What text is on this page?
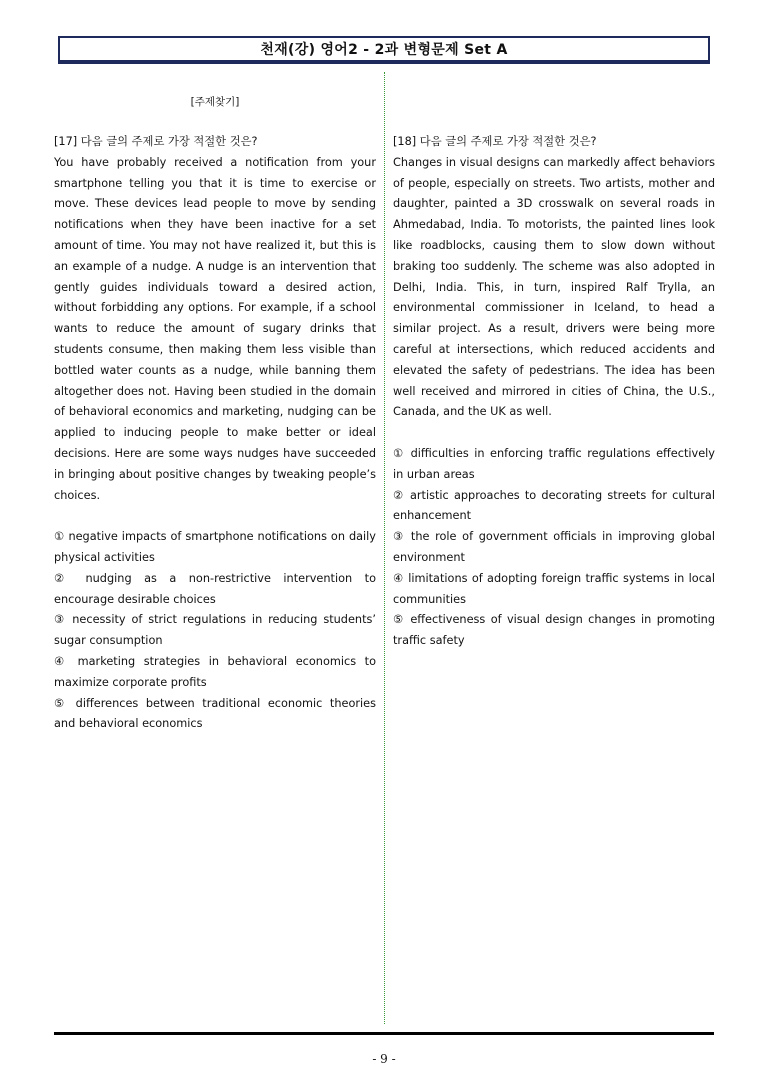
천재(강) 영어2 - 2과 변형문제 Set A
[주제찾기]
[17] 다음 글의 주제로 가장 적절한 것은?
You have probably received a notification from your smartphone telling you that it is time to exercise or move. These devices lead people to move by sending notifications when they have been inactive for a set amount of time. You may not have realized it, but this is an example of a nudge. A nudge is an intervention that gently guides individuals toward a desired action, without forbidding any options. For example, if a school wants to reduce the amount of sugary drinks that students consume, then making them less visible than bottled water counts as a nudge, while banning them altogether does not. Having been studied in the domain of behavioral economics and marketing, nudging can be applied to inducing people to make better or ideal decisions. Here are some ways nudges have succeeded in bringing about positive changes by tweaking people’s choices.
① negative impacts of smartphone notifications on daily physical activities
② nudging as a non-restrictive intervention to encourage desirable choices
③ necessity of strict regulations in reducing students’ sugar consumption
④ marketing strategies in behavioral economics to maximize corporate profits
⑤ differences between traditional economic theories and behavioral economics
[18] 다음 글의 주제로 가장 적절한 것은?
Changes in visual designs can markedly affect behaviors of people, especially on streets. Two artists, mother and daughter, painted a 3D crosswalk on several roads in Ahmedabad, India. To motorists, the painted lines look like roadblocks, causing them to slow down without braking too suddenly. The scheme was also adopted in Delhi, India. This, in turn, inspired Ralf Trylla, an environmental commissioner in Iceland, to head a similar project. As a result, drivers were being more careful at intersections, which reduced accidents and elevated the safety of pedestrians. The idea has been well received and mirrored in cities of China, the U.S., Canada, and the UK as well.
① difficulties in enforcing traffic regulations effectively in urban areas
② artistic approaches to decorating streets for cultural enhancement
③ the role of government officials in improving global environment
④ limitations of adopting foreign traffic systems in local communities
⑤ effectiveness of visual design changes in promoting traffic safety
- 9 -
